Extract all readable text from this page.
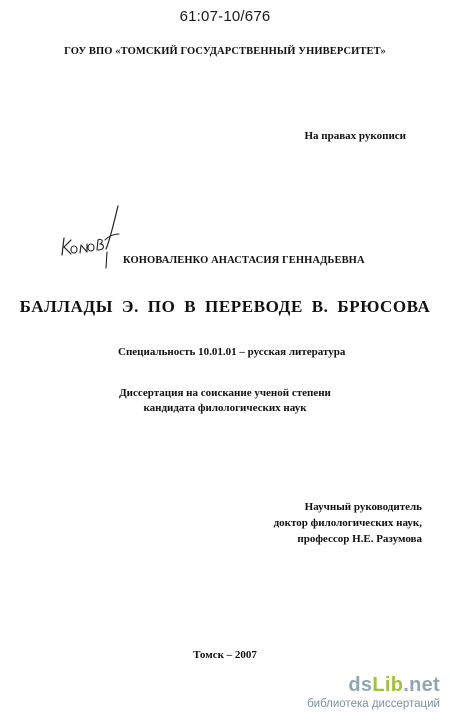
61:07-10/676
ГОУ ВПО «ТОМСКИЙ ГОСУДАРСТВЕННЫЙ УНИВЕРСИТЕТ»
На правах рукописи
КОНОВАЛЕНКО АНАСТАСИЯ ГЕННАДЬЕВНА
БАЛЛАДЫ Э. ПО В ПЕРЕВОДЕ В. БРЮСОВА
Специальность 10.01.01 – русская литература
Диссертация на соискание ученой степени
кандидата филологических наук
Научный руководитель
доктор филологических наук,
профессор Н.Е. Разумова
Томск – 2007
dsLib.net
библиотека диссертаций
